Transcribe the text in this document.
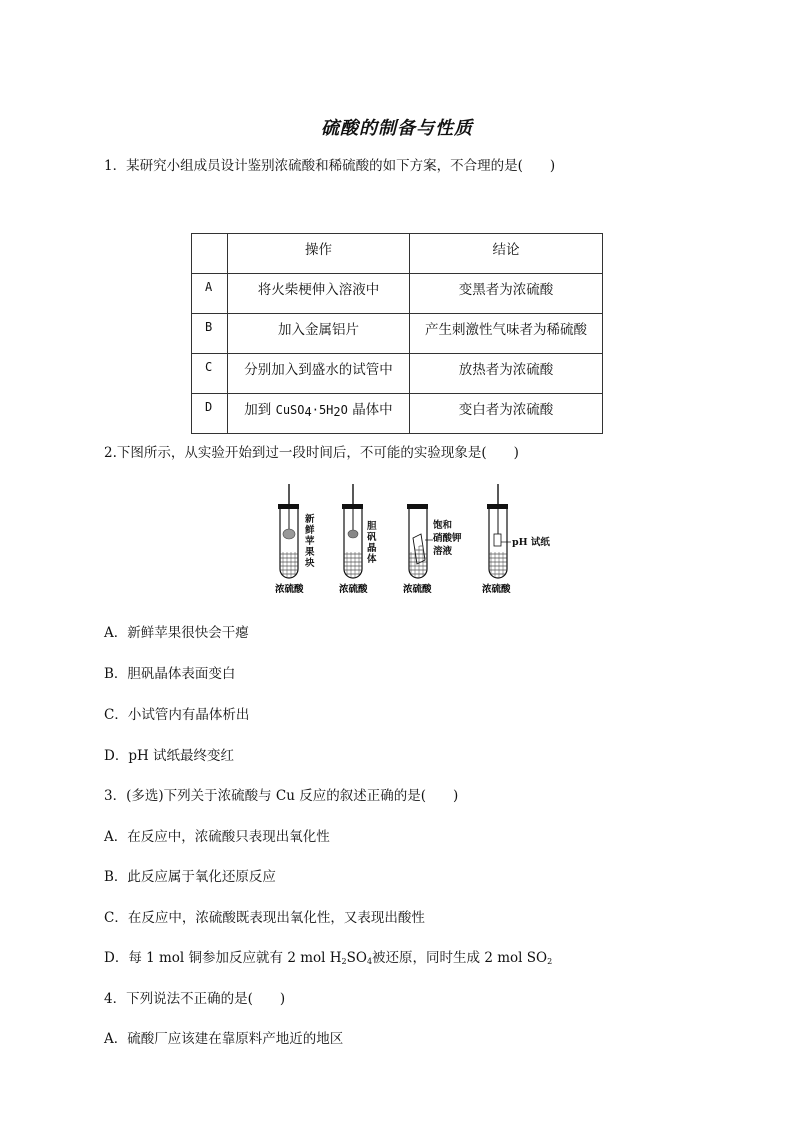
硫酸的制备与性质
1．某研究小组成员设计鉴别浓硫酸和稀硫酸的如下方案，不合理的是(　　)

	操作	结论

A	将火柴梗伸入溶液中	变黑者为浓硫酸

B	加入金属铝片	产生刺激性气味者为稀硫酸

C	分别加入到盛水的试管中	放热者为浓硫酸

D	加到 $CuSO_4\cdot 5H_2O$ 晶体中	变白者为浓硫酸
2.下图所示，从实验开始到过一段时间后，不可能的实验现象是(　　)
新
鲜
苹
果
块
浓硫酸
胆
矾
晶
体
浓硫酸
饱和
硝酸钾
溶液
浓硫酸
pH 试纸
浓硫酸
A．新鲜苹果很快会干瘪
B．胆矾晶体表面变白
C．小试管内有晶体析出
D．pH 试纸最终变红
3．(多选)下列关于浓硫酸与 Cu 反应的叙述正确的是(　　)
A．在反应中，浓硫酸只表现出氧化性
B．此反应属于氧化还原反应
C．在反应中，浓硫酸既表现出氧化性，又表现出酸性
D．每 1 mol 铜参加反应就有 2 mol $H_2SO_4$被还原，同时生成 2 mol $SO_2$
4．下列说法不正确的是(　　)
A．硫酸厂应该建在靠原料产地近的地区
